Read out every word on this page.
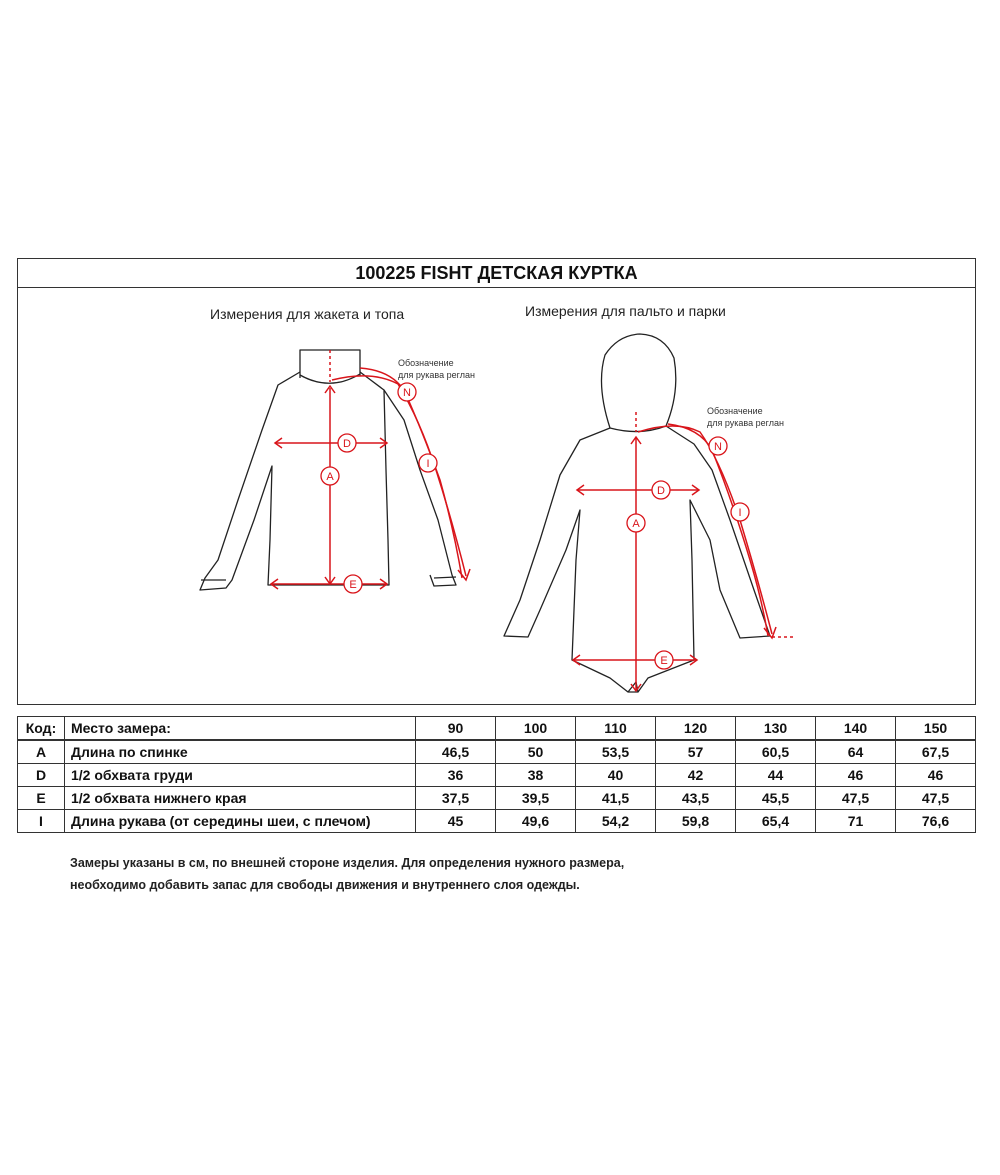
100225 FISHT ДЕТСКАЯ КУРТКА
Измерения для жакета и топа	Измерения для пальто и парки
A
D
E
N
I
Обозначение
для рукава реглан
A
D
E
N
I
Обозначение
для рукава реглан
Код:	Место замера:	90	100	110	120	130	140	150
A	Длина по спинке	46,5	50	53,5	57	60,5	64	67,5
D	1/2 обхвата груди	36	38	40	42	44	46	46
E	1/2 обхвата нижнего края	37,5	39,5	41,5	43,5	45,5	47,5	47,5
I	Длина рукава (от середины шеи, с плечом)	45	49,6	54,2	59,8	65,4	71	76,6
Замеры указаны в см, по внешней стороне изделия. Для определения нужного размера,
необходимо добавить запас для свободы движения и внутреннего слоя одежды.
